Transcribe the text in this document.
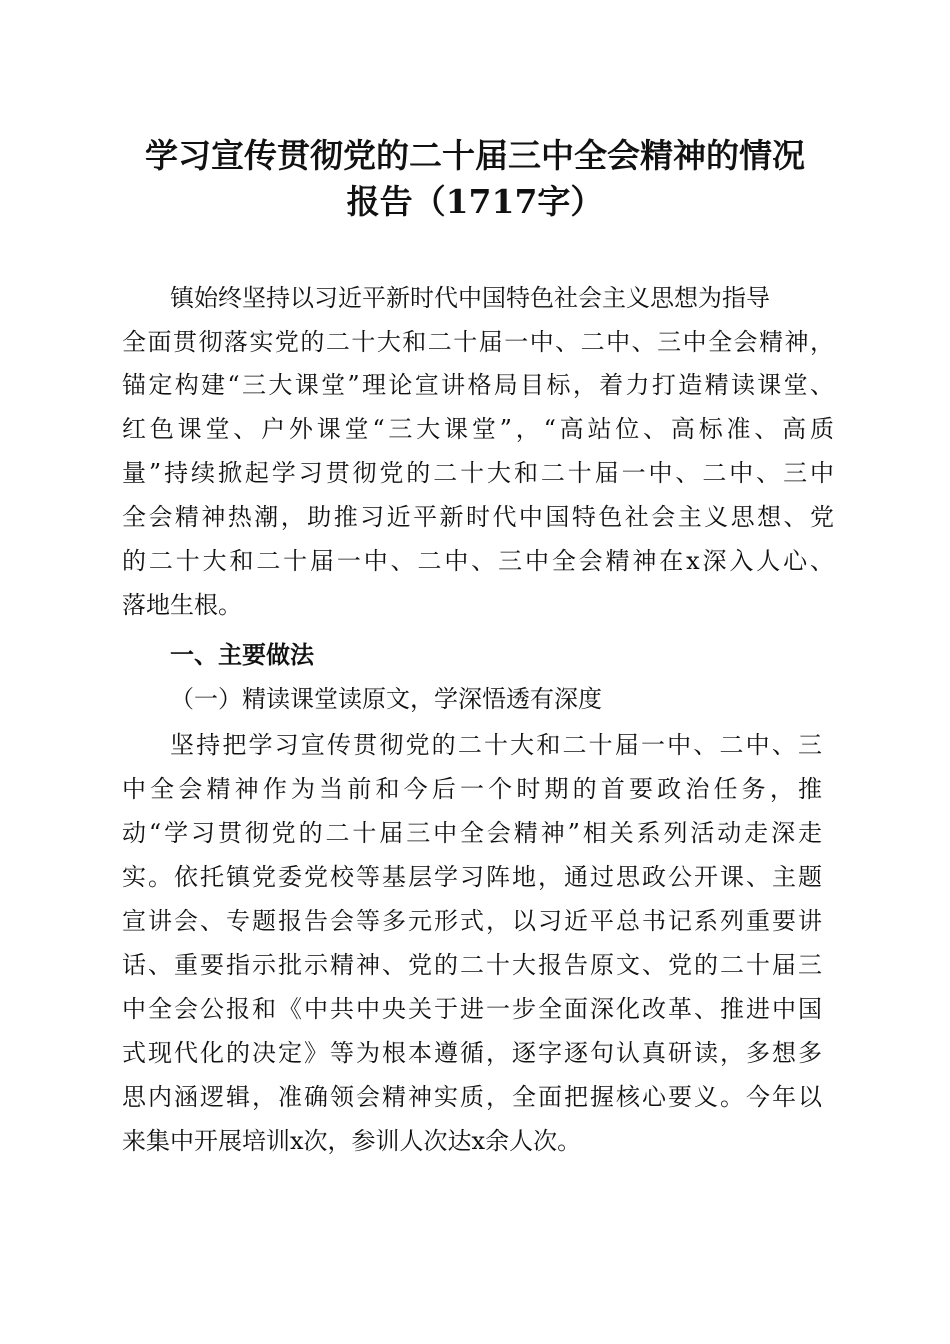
学习宣传贯彻党的二十届三中全会精神的情况
报告（1717字）
镇始终坚持以习近平新时代中国特色社会主义思想为指导
全面贯彻落实党的二十大和二十届一中、二中、三中全会精神，
锚定构建“三大课堂”理论宣讲格局目标，着力打造精读课堂、
红色课堂、户外课堂“三大课堂”，“高站位、高标准、高质
量”持续掀起学习贯彻党的二十大和二十届一中、二中、三中
全会精神热潮，助推习近平新时代中国特色社会主义思想、党
的二十大和二十届一中、二中、三中全会精神在x深入人心、
落地生根。
一、主要做法
（一）精读课堂读原文，学深悟透有深度
坚持把学习宣传贯彻党的二十大和二十届一中、二中、三
中全会精神作为当前和今后一个时期的首要政治任务，推
动“学习贯彻党的二十届三中全会精神”相关系列活动走深走
实。依托镇党委党校等基层学习阵地，通过思政公开课、主题
宣讲会、专题报告会等多元形式，以习近平总书记系列重要讲
话、重要指示批示精神、党的二十大报告原文、党的二十届三
中全会公报和《中共中央关于进一步全面深化改革、推进中国
式现代化的决定》等为根本遵循，逐字逐句认真研读，多想多
思内涵逻辑，准确领会精神实质，全面把握核心要义。今年以
来集中开展培训x次，参训人次达x余人次。
